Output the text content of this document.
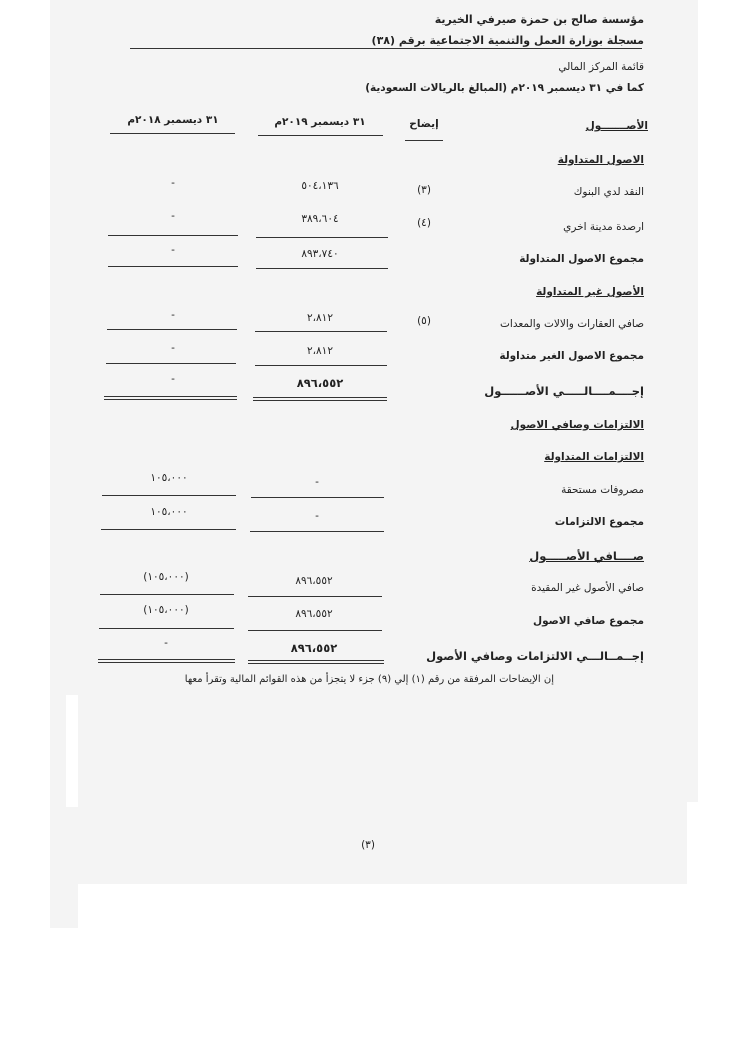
مؤسسة صالح بن حمزة صيرفي الخيرية
مسجلة بوزارة العمل والتنمية الاجتماعية برقم (٣٨)
قائمة المركز المالي
كما في ٣١ ديسمبر ٢٠١٩م (المبالغ بالريالات السعودية)
الأصـــــــول
إيضاح
٣١ ديسمبر ٢٠١٩م
٣١ ديسمبر ٢٠١٨م
الاصول المتداولة
النقد لدي البنوك
(٣)
٥٠٤،١٣٦
-
ارصدة مدينة اخري
(٤)
٣٨٩،٦٠٤
-
مجموع الاصول المتداولة
٨٩٣،٧٤٠
-
الأصول غير المتداولة
صافي العقارات والالات والمعدات
(٥)
٢،٨١٢
-
مجموع الاصول الغير متداولة
٢،٨١٢
-
إجــــمــــالـــــي الأصــــــول
٨٩٦،٥٥٢
-
الالتزامات وصافي الاصول
الالتزامات المتداولة
مصروفات مستحقة
-
١٠٥،٠٠٠
مجموع الالتزامات
-
١٠٥،٠٠٠
صــــافي الأصـــــول
صافي الأصول غير المقيدة
٨٩٦،٥٥٢
(١٠٥،٠٠٠)
مجموع صافي الاصول
٨٩٦،٥٥٢
(١٠٥،٠٠٠)
إجــمــالـــي الالتزامات وصافي الأصول
٨٩٦،٥٥٢
-
إن الإيضاحات المرفقة من رقم (١) إلي (٩) جزء لا يتجزأ من هذه القوائم المالية وتقرأ معها
(٣)
